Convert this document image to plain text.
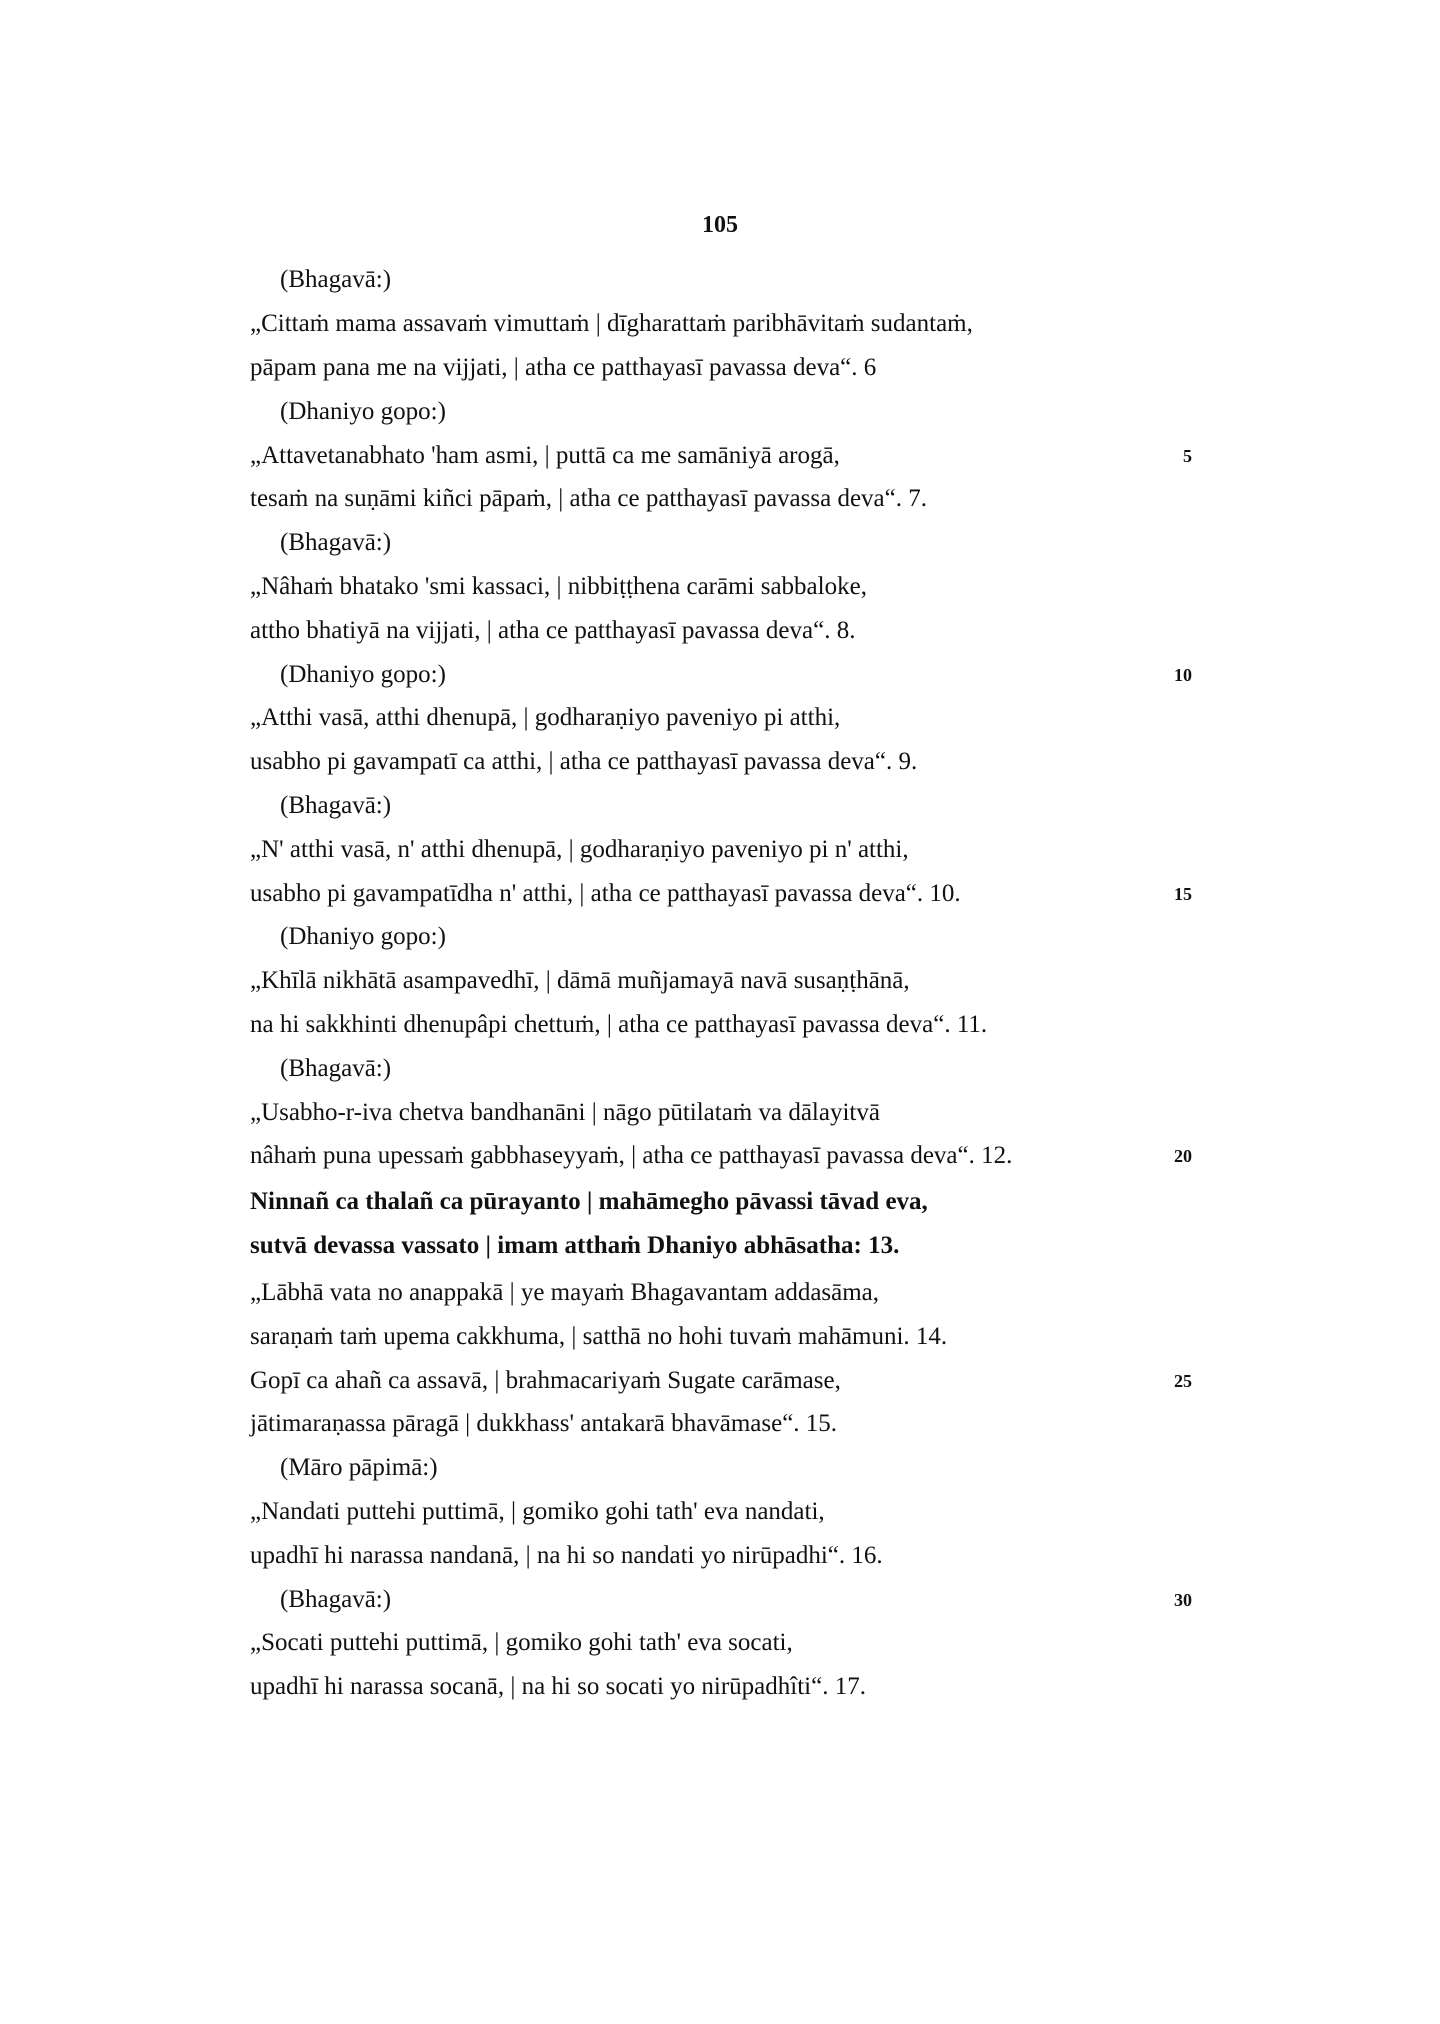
105
(Bhagavā:)
„Cittaṁ mama assavaṁ vimuttaṁ | dīgharattaṁ paribhāvitaṁ sudantaṁ,
pāpam pana me na vijjati, | atha ce patthayasī pavassa deva“. 6
(Dhaniyo gopo:)
„Attavetanabhato 'ham asmi, | puttā ca me samāniyā arogā,
tesaṁ na suṇāmi kiñci pāpaṁ, | atha ce patthayasī pavassa deva“. 7.
(Bhagavā:)
„Nâhaṁ bhatako 'smi kassaci, | nibbiṭṭhena carāmi sabbaloke,
attho bhatiyā na vijjati, | atha ce patthayasī pavassa deva“. 8.
(Dhaniyo gopo:)
„Atthi vasā, atthi dhenupā, | godharaṇiyo paveniyo pi atthi,
usabho pi gavampatī ca atthi, | atha ce patthayasī pavassa deva“. 9.
(Bhagavā:)
„N' atthi vasā, n' atthi dhenupā, | godharaṇiyo paveniyo pi n' atthi,
usabho pi gavampatīdha n' atthi, | atha ce patthayasī pavassa deva“. 10.
(Dhaniyo gopo:)
„Khīlā nikhātā asampavedhī, | dāmā muñjamayā navā susaṇṭhānā,
na hi sakkhinti dhenupâpi chettuṁ, | atha ce patthayasī pavassa deva“. 11.
(Bhagavā:)
„Usabho-r-iva chetva bandhanāni | nāgo pūtilataṁ va dālayitvā
nâhaṁ puna upessaṁ gabbhaseyyaṁ, | atha ce patthayasī pavassa deva“. 12.
Ninnañ ca thalañ ca pūrayanto | mahāmegho pāvassi tāvad eva,
sutvā devassa vassato | imam atthaṁ Dhaniyo abhāsatha: 13.
„Lābhā vata no anappakā | ye mayaṁ Bhagavantam addasāma,
saraṇaṁ taṁ upema cakkhuma, | satthā no hohi tuvaṁ mahāmuni. 14.
Gopī ca ahañ ca assavā, | brahmacariyaṁ Sugate carāmase,
jātimaraṇassa pāragā | dukkhass' antakarā bhavāmase“. 15.
(Māro pāpimā:)
„Nandati puttehi puttimā, | gomiko gohi tath' eva nandati,
upadhī hi narassa nandanā, | na hi so nandati yo nirūpadhi“. 16.
(Bhagavā:)
„Socati puttehi puttimā, | gomiko gohi tath' eva socati,
upadhī hi narassa socanā, | na hi so socati yo nirūpadhîti“. 17.
5
10
15
20
25
30
